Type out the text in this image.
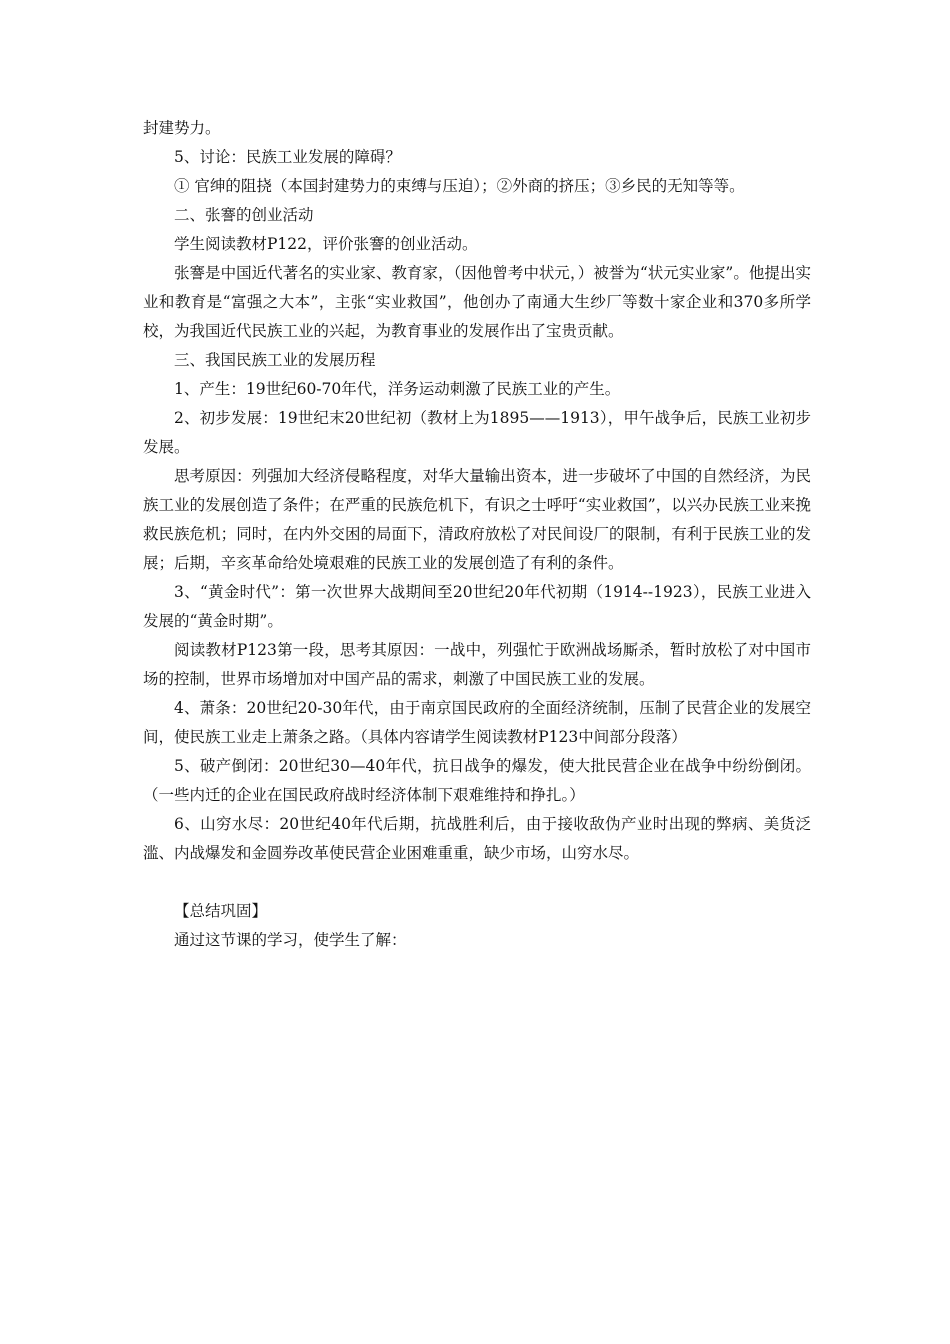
封建势力。

5、讨论：民族工业发展的障碍？

① 官绅的阻挠（本国封建势力的束缚与压迫）；②外商的挤压；③乡民的无知等等。

二、张謇的创业活动

学生阅读教材P122，评价张謇的创业活动。

张謇是中国近代著名的实业家、教育家，（因他曾考中状元，）被誉为“状元实业家”。他提出实业和教育是“富强之大本”，主张“实业救国”，他创办了南通大生纱厂等数十家企业和370多所学校，为我国近代民族工业的兴起，为教育事业的发展作出了宝贵贡献。

三、我国民族工业的发展历程

1、产生：19世纪60-70年代，洋务运动刺激了民族工业的产生。

2、初步发展：19世纪末20世纪初（教材上为1895——1913），甲午战争后，民族工业初步发展。

思考原因：列强加大经济侵略程度，对华大量输出资本，进一步破坏了中国的自然经济，为民族工业的发展创造了条件；在严重的民族危机下，有识之士呼吁“实业救国”，以兴办民族工业来挽救民族危机；同时，在内外交困的局面下，清政府放松了对民间设厂的限制，有利于民族工业的发展；后期，辛亥革命给处境艰难的民族工业的发展创造了有利的条件。

3、“黄金时代”：第一次世界大战期间至20世纪20年代初期（1914--1923），民族工业进入发展的“黄金时期”。

阅读教材P123第一段，思考其原因：一战中，列强忙于欧洲战场厮杀，暂时放松了对中国市场的控制，世界市场增加对中国产品的需求，刺激了中国民族工业的发展。

4、萧条：20世纪20-30年代，由于南京国民政府的全面经济统制，压制了民营企业的发展空间，使民族工业走上萧条之路。（具体内容请学生阅读教材P123中间部分段落）

5、破产倒闭：20世纪30—40年代，抗日战争的爆发，使大批民营企业在战争中纷纷倒闭。（一些内迁的企业在国民政府战时经济体制下艰难维持和挣扎。）

6、山穷水尽：20世纪40年代后期，抗战胜利后，由于接收敌伪产业时出现的弊病、美货泛滥、内战爆发和金圆券改革使民营企业困难重重，缺少市场，山穷水尽。

【总结巩固】

通过这节课的学习，使学生了解：
